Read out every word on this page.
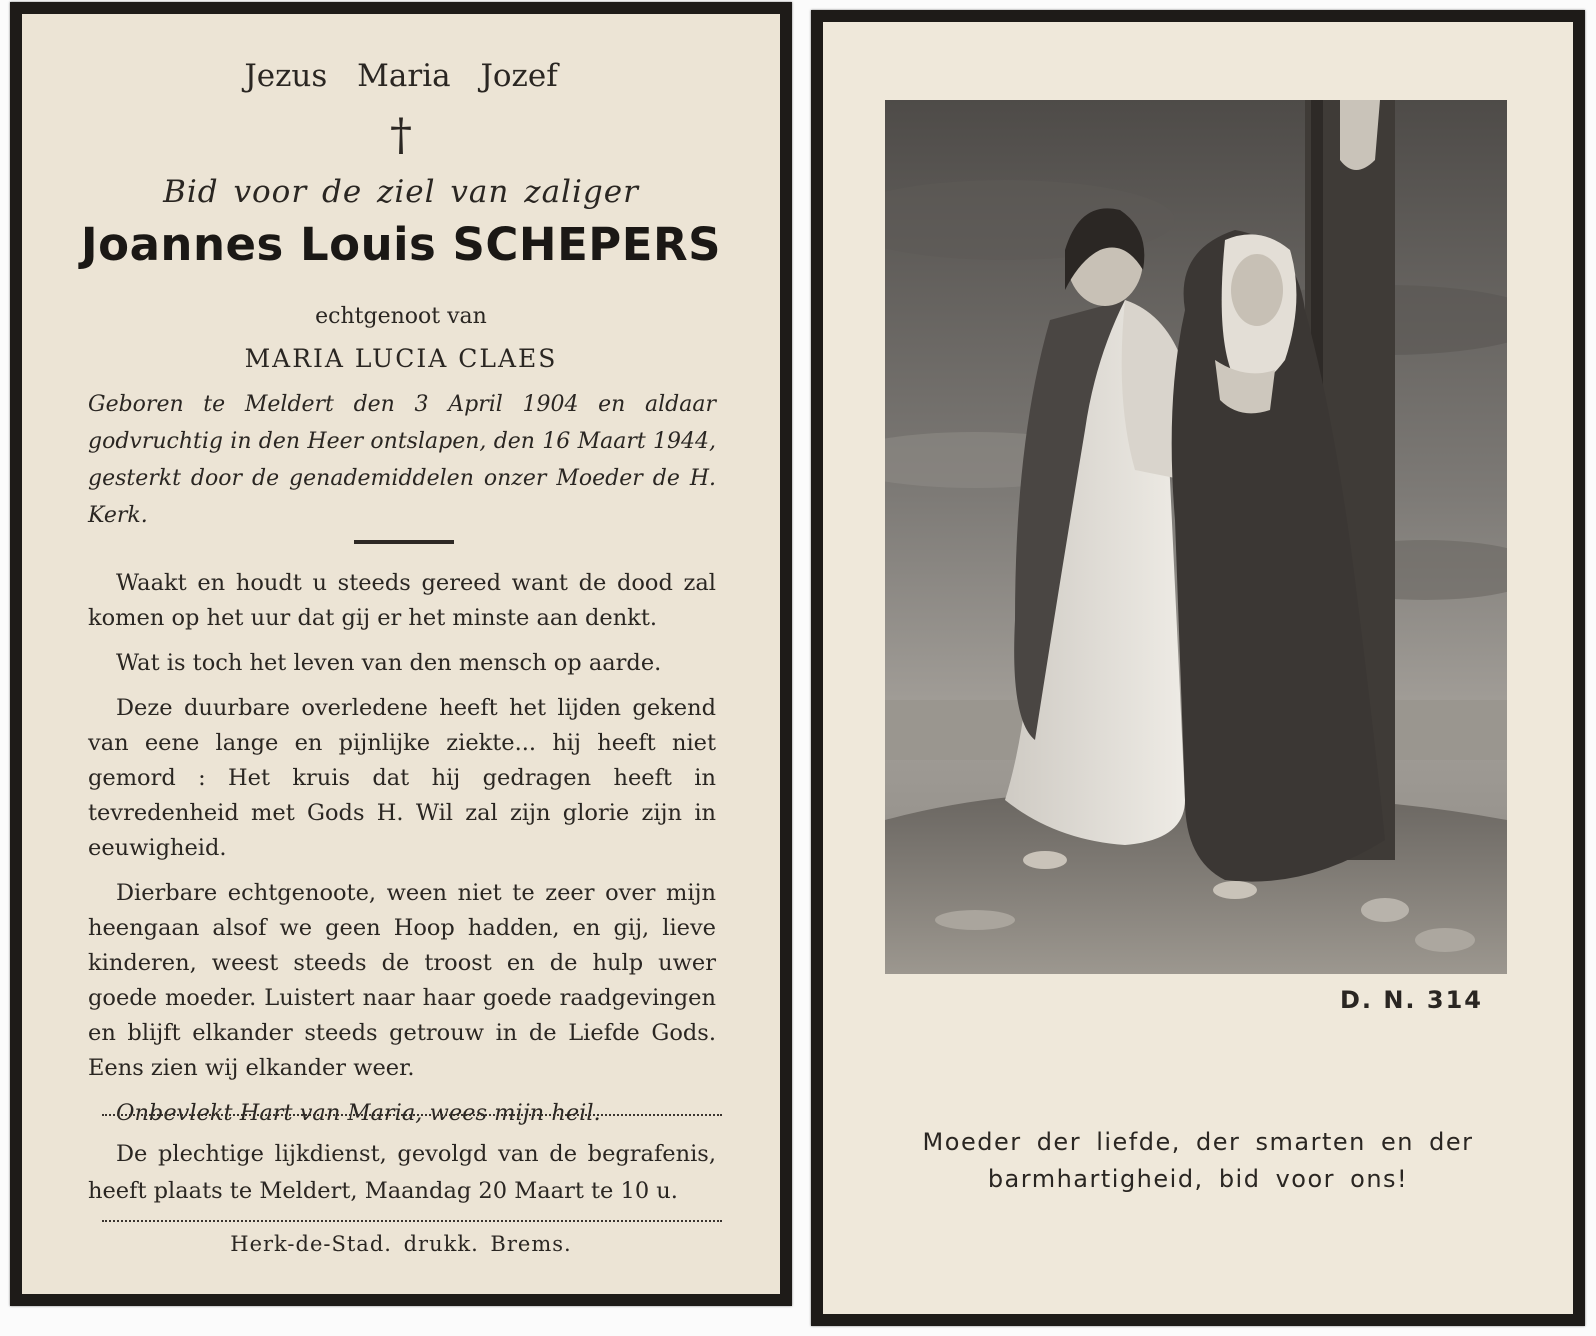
Jezus Maria Jozef
†
Bid voor de ziel van zaliger
Joannes Louis SCHEPERS
echtgenoot van
MARIA LUCIA CLAES
Geboren te Meldert den 3 April 1904 en aldaar godvruchtig in den Heer ontslapen, den 16 Maart 1944, gesterkt door de genademiddelen onzer Moeder de H. Kerk.

Waakt en houdt u steeds gereed want de dood zal komen op het uur dat gij er het minste aan denkt.

Wat is toch het leven van den mensch op aarde.

Deze duurbare overledene heeft het lijden gekend van eene lange en pijnlijke ziekte... hij heeft niet gemord : Het kruis dat hij gedragen heeft in tevredenheid met Gods H. Wil zal zijn glorie zijn in eeuwigheid.

Dierbare echtgenoote, ween niet te zeer over mijn heengaan alsof we geen Hoop hadden, en gij, lieve kinderen, weest steeds de troost en de hulp uwer goede moeder. Luistert naar haar goede raadgevingen en blijft elkander steeds getrouw in de Liefde Gods. Eens zien wij elkander weer.

Onbevlekt Hart van Maria, wees mijn heil.

De plechtige lijkdienst, gevolgd van de begrafenis, heeft plaats te Meldert, Maandag 20 Maart te 10 u.
Herk-de-Stad. drukk. Brems.
D. N. 314
Moeder der liefde, der smarten en der
barmhartigheid, bid voor ons!
